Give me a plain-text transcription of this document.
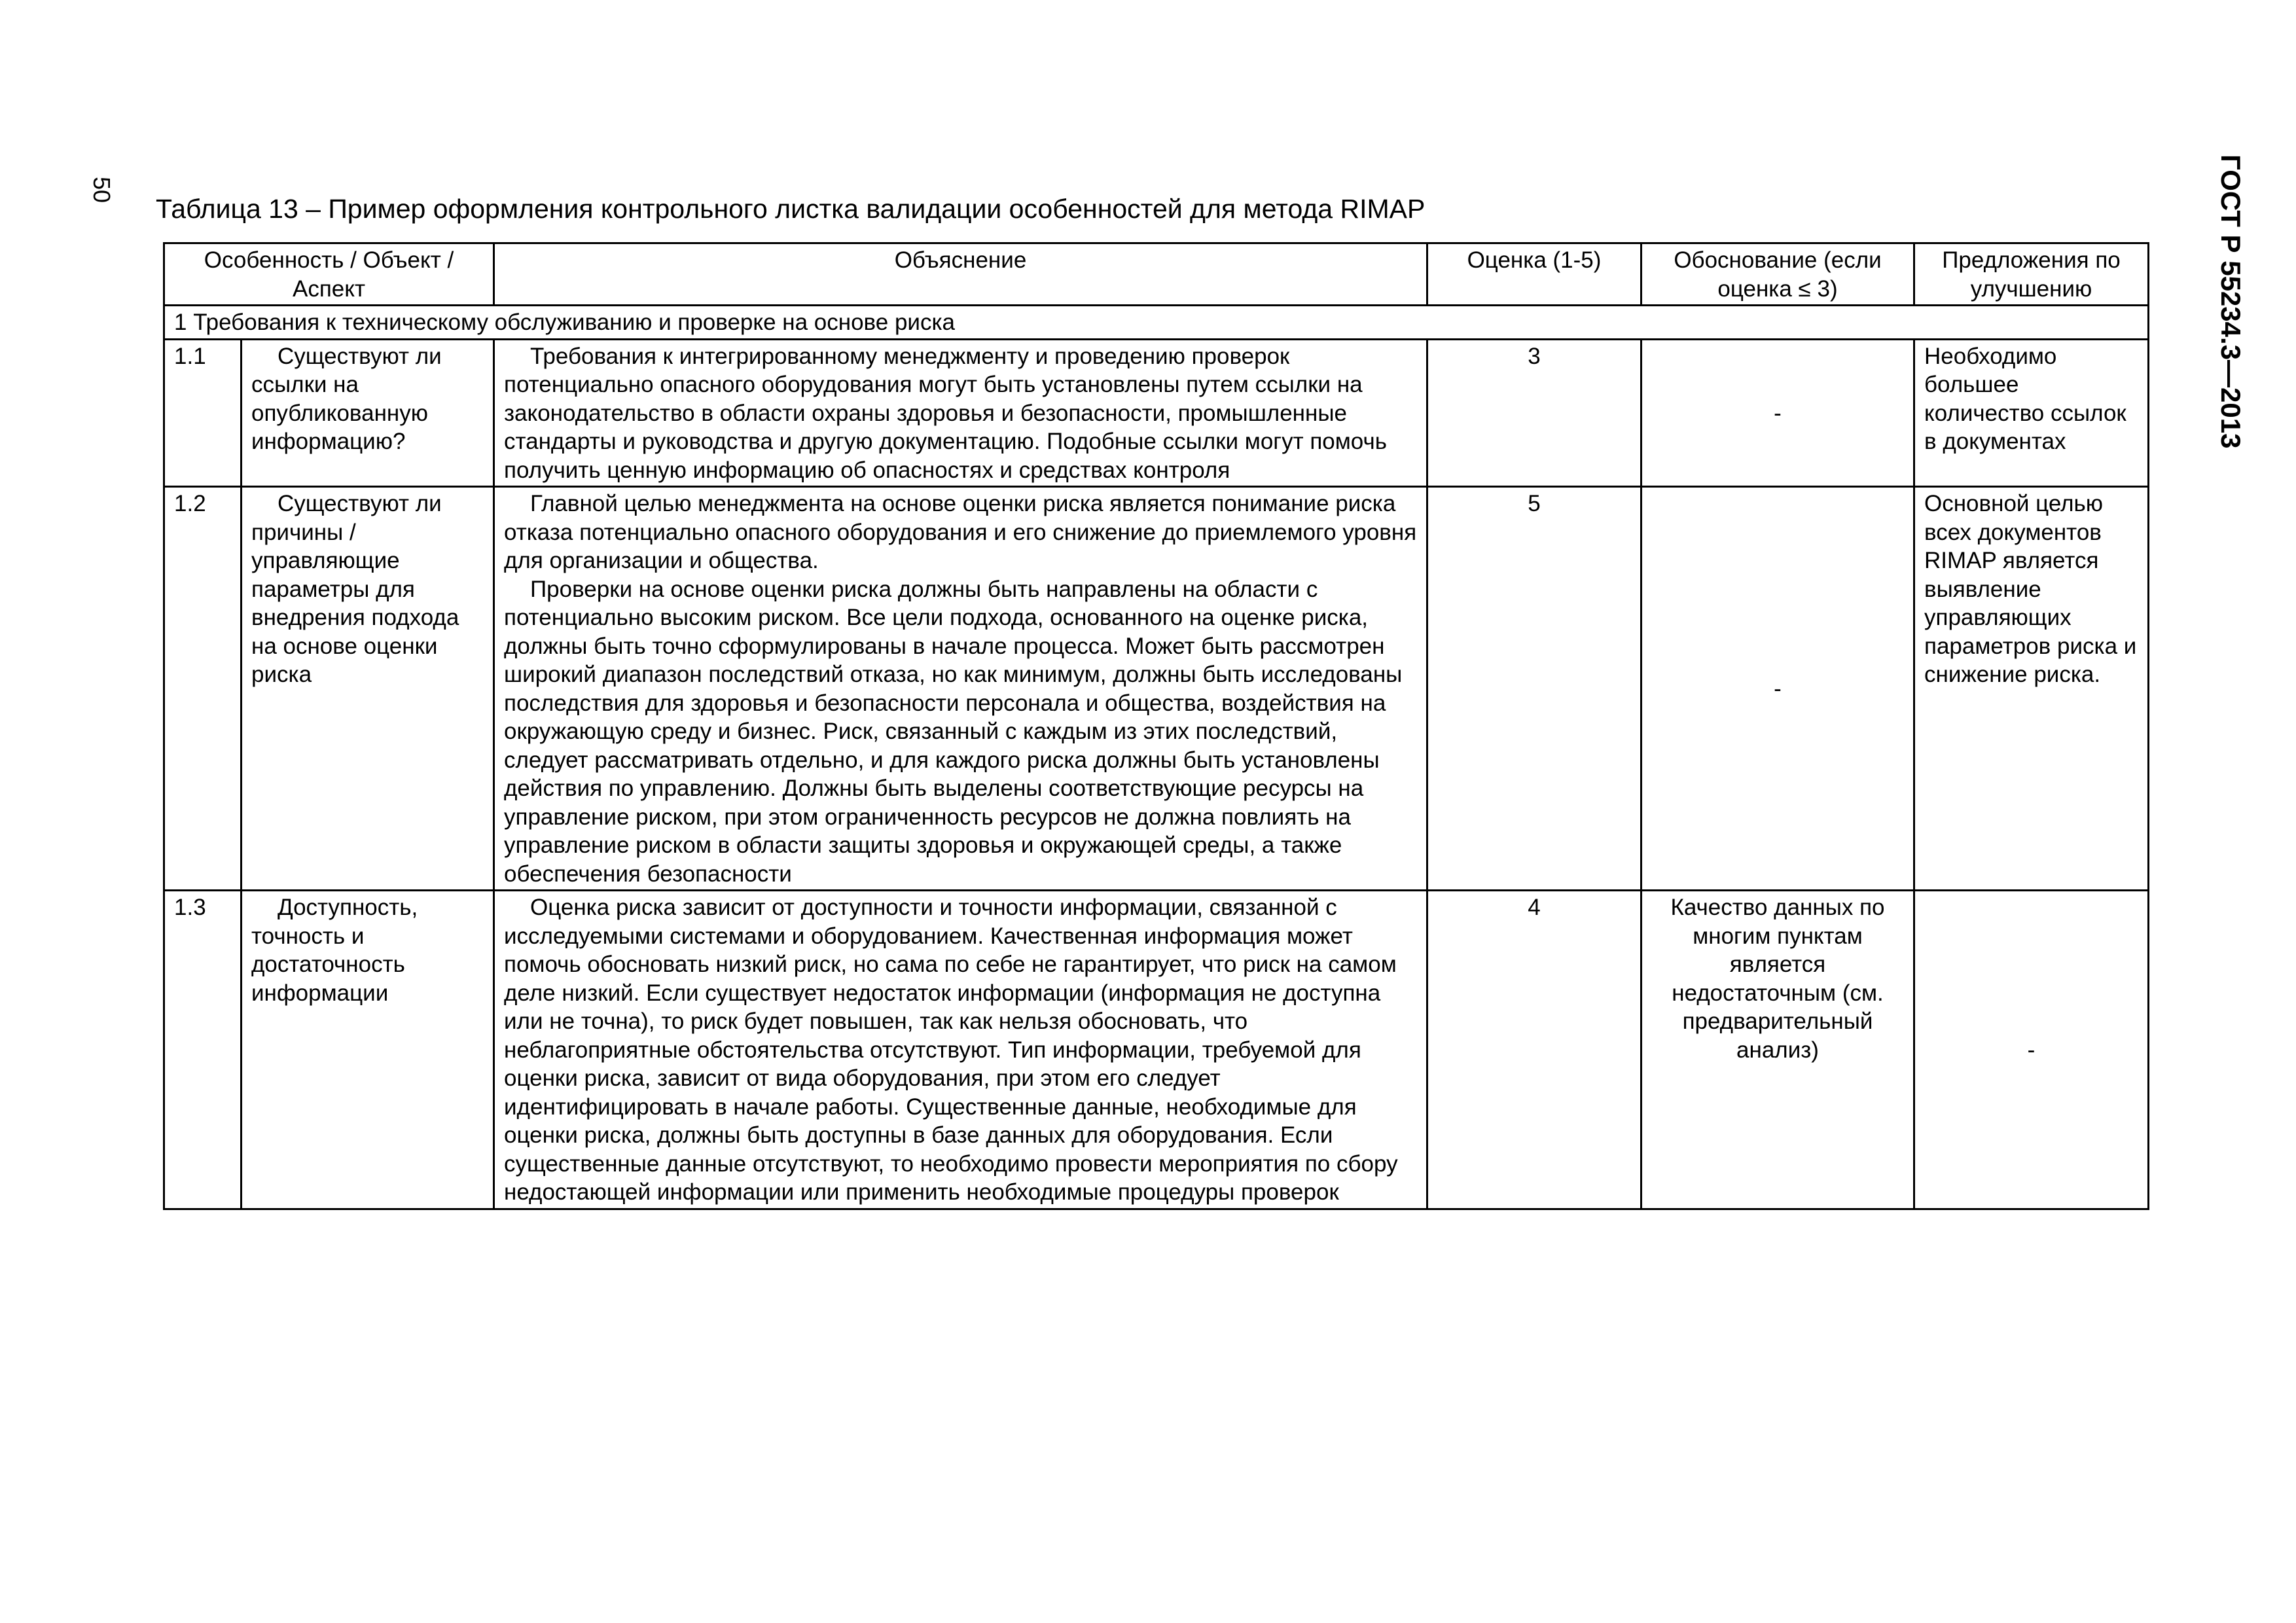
50	ГОСТ Р 55234.3—2013
Таблица 13 – Пример оформления контрольного листка валидации особенностей для метода RIMAP
Особенность / Объект / Аспект		Объяснение	Оценка (1-5)	Обоснование (если оценка ≤ 3)	Предложения по улучшению
1 Требования к техническому обслуживанию и проверке на основе риска					
1.1	Существуют ли ссылки на опубликованную информацию?	Требования к интегрированному менеджменту и проведению проверок потенциально опасного оборудования могут быть установлены путем ссылки на законодательство в области охраны здоровья и безопасности, промышленные стандарты и руководства и другую документацию. Подобные ссылки могут помочь получить ценную информацию об опасностях и средствах контроля	3	-	Необходимо большее количество ссылок в документах
1.2	Существуют ли причины / управляющие параметры для внедрения подхода на основе оценки риска	Главной целью менеджмента на основе оценки риска является понимание риска отказа потенциально опасного оборудования и его снижение до приемлемого уровня для организации и общества.

Проверки на основе оценки риска должны быть направлены на области с потенциально высоким риском. Все цели подхода, основанного на оценке риска, должны быть точно сформулированы в начале процесса. Может быть рассмотрен широкий диапазон последствий отказа, но как минимум, должны быть исследованы последствия для здоровья и безопасности персонала и общества, воздействия на окружающую среду и бизнес. Риск, связанный с каждым из этих последствий, следует рассматривать отдельно, и для каждого риска должны быть установлены действия по управлению. Должны быть выделены соответствующие ресурсы на управление риском, при этом ограниченность ресурсов не должна повлиять на управление риском в области защиты здоровья и окружающей среды, а также обеспечения безопасности	5	-	Основной целью всех документов RIMAP является выявление управляющих параметров риска и снижение риска.
1.3	Доступность, точность и достаточность информации	Оценка риска зависит от доступности и точности информации, связанной с исследуемыми системами и оборудованием. Качественная информация может помочь обосновать низкий риск, но сама по себе не гарантирует, что риск на самом деле низкий. Если существует недостаток информации (информация не доступна или не точна), то риск будет повышен, так как нельзя обосновать, что неблагоприятные обстоятельства отсутствуют. Тип информации, требуемой для оценки риска, зависит от вида оборудования, при этом его следует идентифицировать в начале работы. Существенные данные, необходимые для оценки риска, должны быть доступны в базе данных для оборудования. Если существенные данные отсутствуют, то необходимо провести мероприятия по сбору недостающей информации или применить необходимые процедуры проверок	4	Качество данных по многим пунктам является недостаточным (см. предварительный анализ)	-
